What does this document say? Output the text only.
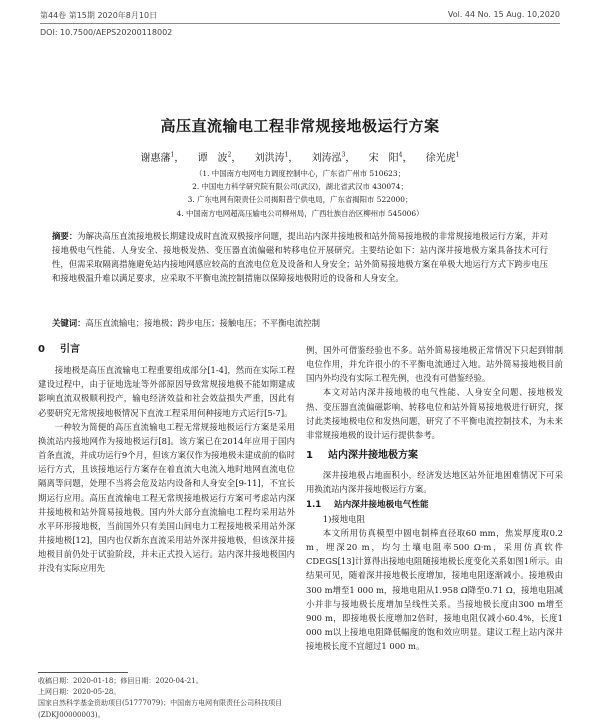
第44卷 第15期 2020年8月10日	Vol. 44 No. 15 Aug. 10,2020
DOI: 10.7500/AEPS20200118002
高压直流输电工程非常规接地极运行方案
谢惠藩$^1$， 谭　波$^2$， 刘洪涛$^1$， 刘涛泓$^3$， 宋　阳$^4$， 徐光虎$^1$
（1. 中国南方电网电力调度控制中心，广东省广州市 510623；
2. 中国电力科学研究院有限公司(武汉)，湖北省武汉市 430074；
3. 广东电网有限责任公司揭阳普宁供电局，广东省揭阳市 522000；
4. 中国南方电网超高压输电公司柳州局，广西壮族自治区柳州市 545006）
摘要：为解决高压直流接地极长期建设成时直流双极接序问题，提出站内深井接地极和站外简易接地极的非常规接地极运行方案，并对接地极电气性能、人身安全、接地极发热、变压器直流偏磁和转移电位开展研究。主要结论如下：站内深井接地极方案具备技术可行性，但需采取隔离措施避免站内接地网感应较高的直流电位危及设备和人身安全；站外简易接地极方案在单极大地运行方式下跨步电压和接地极温升难以满足要求，应采取不平衡电流控制措施以保障接地极附近的设备和人身安全。
关键词：高压直流输电；接地极；跨步电压；接触电压；不平衡电流控制
0 引言

接地极是高压直流输电工程重要组成部分[1-4]，然而在实际工程建设过程中，由于征地选址等外部原因导致常规接地极不能如期建成影响直流双极顺利投产，输电经济效益和社会效益损失严重，因此有必要研究无常规接地极情况下直流工程采用何种接地方式运行[5-7]。

一种较为简便的高压直流输电工程无常规接地极运行方案是采用换流站内接地网作为接地极运行[8]。该方案已在2014年应用于国内首条直流，并成功运行9个月，但该方案仅作为接地极未建成前的临时运行方式，且该接地运行方案存在着直流大电流入地时地网直流电位隔离等问题，处理不当将会危及站内设备和人身安全[9-11]，不宜长期运行应用。高压直流输电工程无常规接地极运行方案可考虑站内深井接地极和站外简易接地极。国内外大部分直流输电工程均采用站外水平环形接地极，当前国外只有美国山间电力工程接地极采用站外深井接地极[12]，国内也仅新东直流采用站外深井接地极，但该深井接地极目前仍处于试验阶段，并未正式投入运行。站内深井接地极国内并没有实际应用先

例，国外可借鉴经验也不多。站外简易接地极正常情况下只起到钳制电位作用，并允许很小的不平衡电流通过入地。站外简易接地极目前国内外均没有实际工程先例，也没有可借鉴经验。

本文对站内深井接地极的电气性能、人身安全问题、接地极发热、变压器直流偏磁影响、转移电位和站外简易接地极进行研究，探讨此类接地极电位和发热问题，研究了不平衡电流控制技术，为未来非常规接地极的设计运行提供参考。

1 站内深井接地极方案

深井接地极占地面积小，经济发达地区站外征地困难情况下可采用换流站内深井接地极运行方案。

1.1 站内深井接地极电气性能

1)接地电阻

本文所用仿真模型中圆电制棒直径取60 mm，焦炭厚度取0.2 m，埋深20 m，均匀土壤电阻率500 Ω·m，采用仿真软件CDEGS[13]计算得出接地电阻随接地极长度变化关系如图1所示。由结果可见，随着深井接地极长度增加，接地电阻逐渐减小。接地极由300 m增至1 000 m，接地电阻从1.958 Ω降至0.71 Ω，接地电阻减小并非与接地极长度增加呈线性关系。当接地极长度由300 m增至900 m，即接地极长度增加2倍时，接地电阻仅减小60.4%，长度1 000 m以上接地电阻降低幅度的饱和效应明显。建议工程上站内深井接地极长度不宜超过1 000 m。

收稿日期：2020-01-18；修回日期：2020-04-21。
上网日期：2020-05-28。
国家自然科学基金资助项目(51777079)；中国南方电网有限责任公司科技项目(ZDKJ00000003)。
